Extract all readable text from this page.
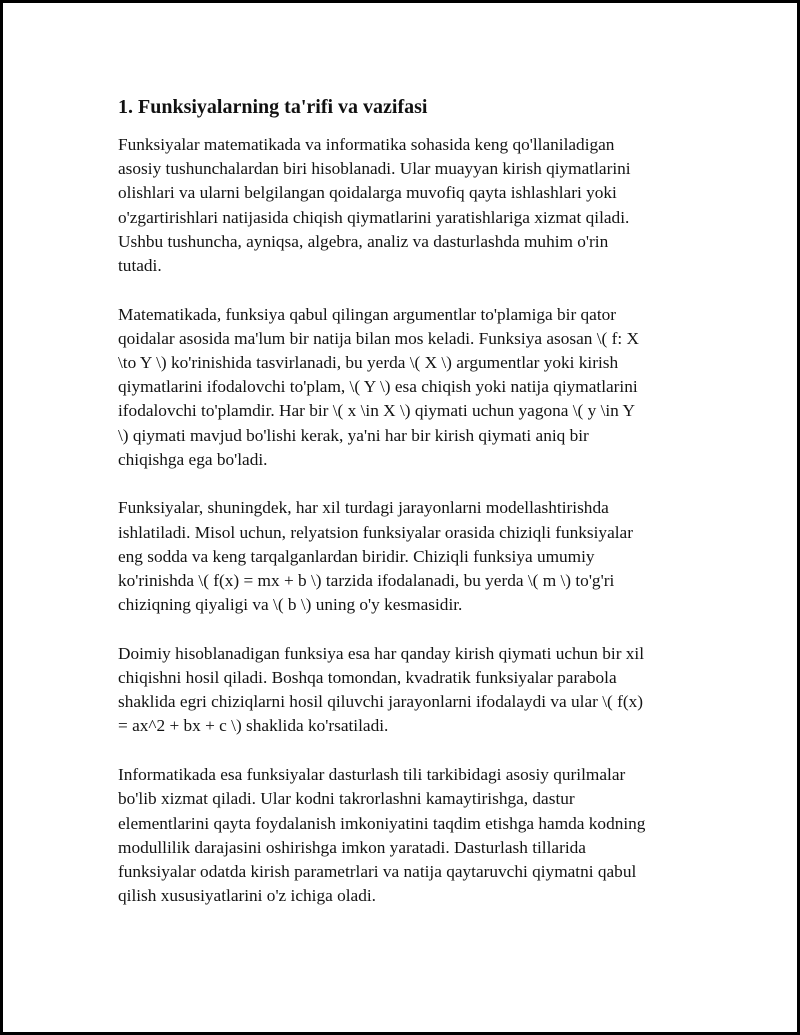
1. Funksiyalarning ta'rifi va vazifasi
Funksiyalar matematikada va informatika sohasida keng qo'llaniladigan
asosiy tushunchalardan biri hisoblanadi. Ular muayyan kirish qiymatlarini
olishlari va ularni belgilangan qoidalarga muvofiq qayta ishlashlari yoki
o'zgartirishlari natijasida chiqish qiymatlarini yaratishlariga xizmat qiladi.
Ushbu tushuncha, ayniqsa, algebra, analiz va dasturlashda muhim o'rin
tutadi.
Matematikada, funksiya qabul qilingan argumentlar to'plamiga bir qator
qoidalar asosida ma'lum bir natija bilan mos keladi. Funksiya asosan \( f: X
\to Y \) ko'rinishida tasvirlanadi, bu yerda \( X \) argumentlar yoki kirish
qiymatlarini ifodalovchi to'plam, \( Y \) esa chiqish yoki natija qiymatlarini
ifodalovchi to'plamdir. Har bir \( x \in X \) qiymati uchun yagona \( y \in Y
\) qiymati mavjud bo'lishi kerak, ya'ni har bir kirish qiymati aniq bir
chiqishga ega bo'ladi.
Funksiyalar, shuningdek, har xil turdagi jarayonlarni modellashtirishda
ishlatiladi. Misol uchun, relyatsion funksiyalar orasida chiziqli funksiyalar
eng sodda va keng tarqalganlardan biridir. Chiziqli funksiya umumiy
ko'rinishda \( f(x) = mx + b \) tarzida ifodalanadi, bu yerda \( m \) to'g'ri
chiziqning qiyaligi va \( b \) uning o'y kesmasidir.
Doimiy hisoblanadigan funksiya esa har qanday kirish qiymati uchun bir xil
chiqishni hosil qiladi. Boshqa tomondan, kvadratik funksiyalar parabola
shaklida egri chiziqlarni hosil qiluvchi jarayonlarni ifodalaydi va ular \( f(x)
= ax^2 + bx + c \) shaklida ko'rsatiladi.
Informatikada esa funksiyalar dasturlash tili tarkibidagi asosiy qurilmalar
bo'lib xizmat qiladi. Ular kodni takrorlashni kamaytirishga, dastur
elementlarini qayta foydalanish imkoniyatini taqdim etishga hamda kodning
modullilik darajasini oshirishga imkon yaratadi. Dasturlash tillarida
funksiyalar odatda kirish parametrlari va natija qaytaruvchi qiymatni qabul
qilish xususiyatlarini o'z ichiga oladi.
